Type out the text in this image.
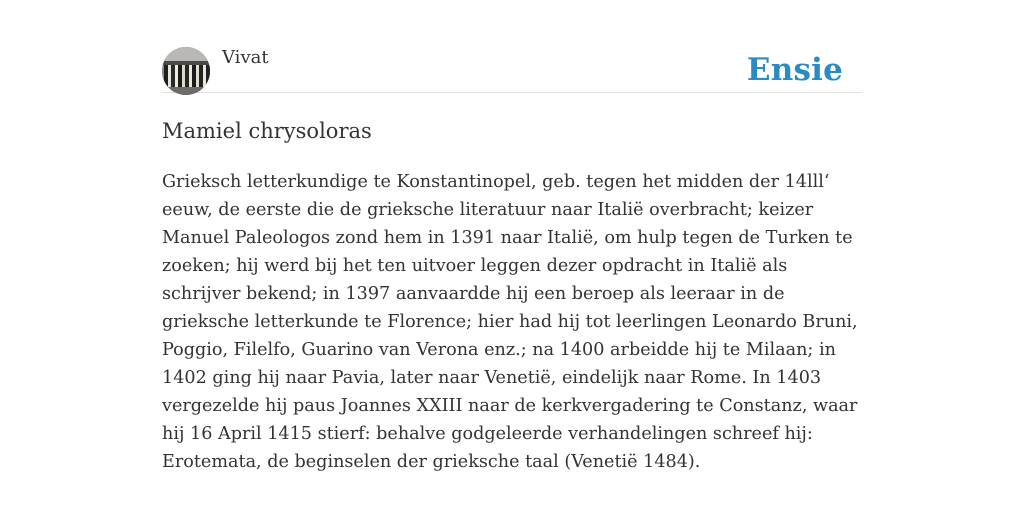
Vivat	Ensie
Mamiel chrysoloras

Grieksch letterkundige te Konstantinopel, geb. tegen het midden der 14lll‘ eeuw, de eerste die de grieksche literatuur naar Italië overbracht; keizer Manuel Paleologos zond hem in 1391 naar Italië, om hulp tegen de Turken te zoeken; hij werd bij het ten uitvoer leggen dezer opdracht in Italië als schrijver bekend; in 1397 aanvaardde hij een beroep als leeraar in de grieksche letterkunde te Florence; hier had hij tot leerlingen Leonardo Bruni, Poggio, Filelfo, Guarino van Verona enz.; na 1400 arbeidde hij te Milaan; in 1402 ging hij naar Pavia, later naar Venetië, eindelijk naar Rome. In 1403 vergezelde hij paus Joannes XXIII naar de kerkvergadering te Constanz, waar hij 16 April 1415 stierf: behalve godgeleerde verhandelingen schreef hij: Erotemata, de beginselen der grieksche taal (Venetië 1484).
